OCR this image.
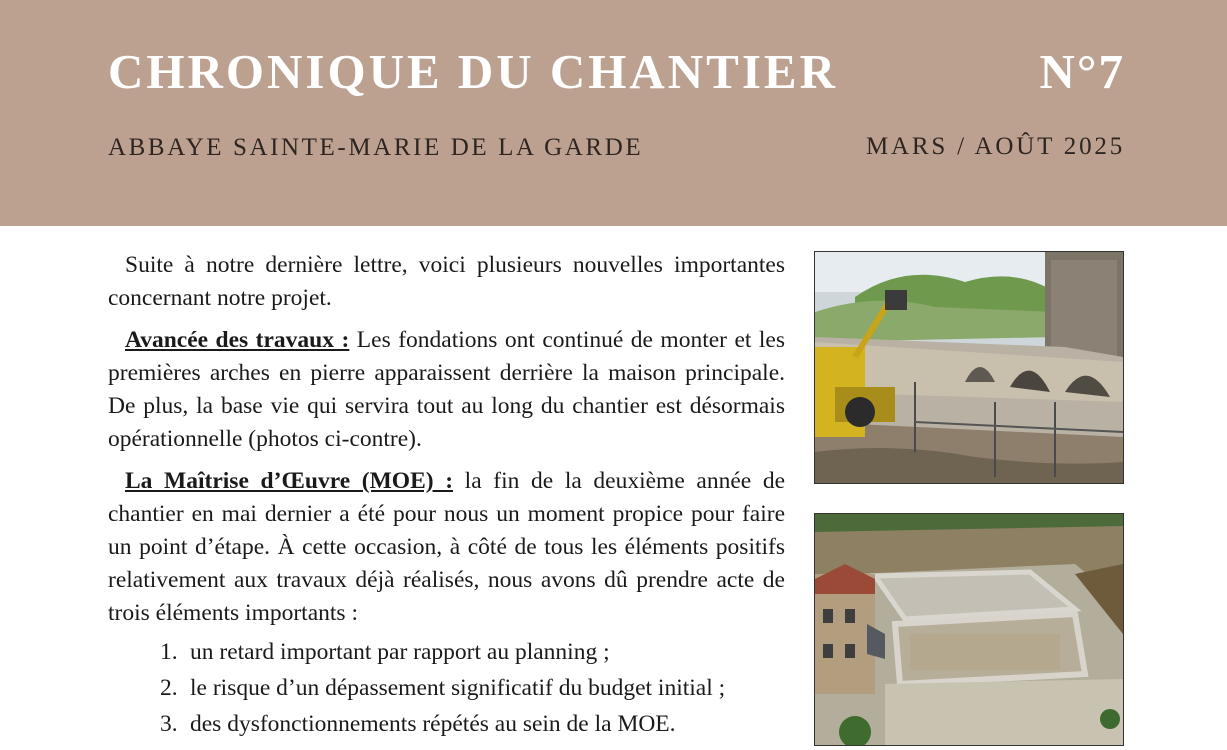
CHRONIQUE DU CHANTIER	N°7
ABBAYE SAINTE-MARIE DE LA GARDE	MARS / AOÛT 2025

Suite à notre dernière lettre, voici plusieurs nouvelles importantes concernant notre projet.

Avancée des travaux : Les fondations ont continué de monter et les premières arches en pierre apparaissent derrière la maison principale. De plus, la base vie qui servira tout au long du chantier est désormais opérationnelle (photos ci-contre).

La Maîtrise d’Œuvre (MOE) : la fin de la deuxième année de chantier en mai dernier a été pour nous un moment propice pour faire un point d’étape. À cette occasion, à côté de tous les éléments positifs relativement aux travaux déjà réalisés, nous avons dû prendre acte de trois éléments importants :

1. un retard important par rapport au planning ;
2. le risque d’un dépassement significatif du budget initial ;
3. des dysfonctionnements répétés au sein de la MOE.
